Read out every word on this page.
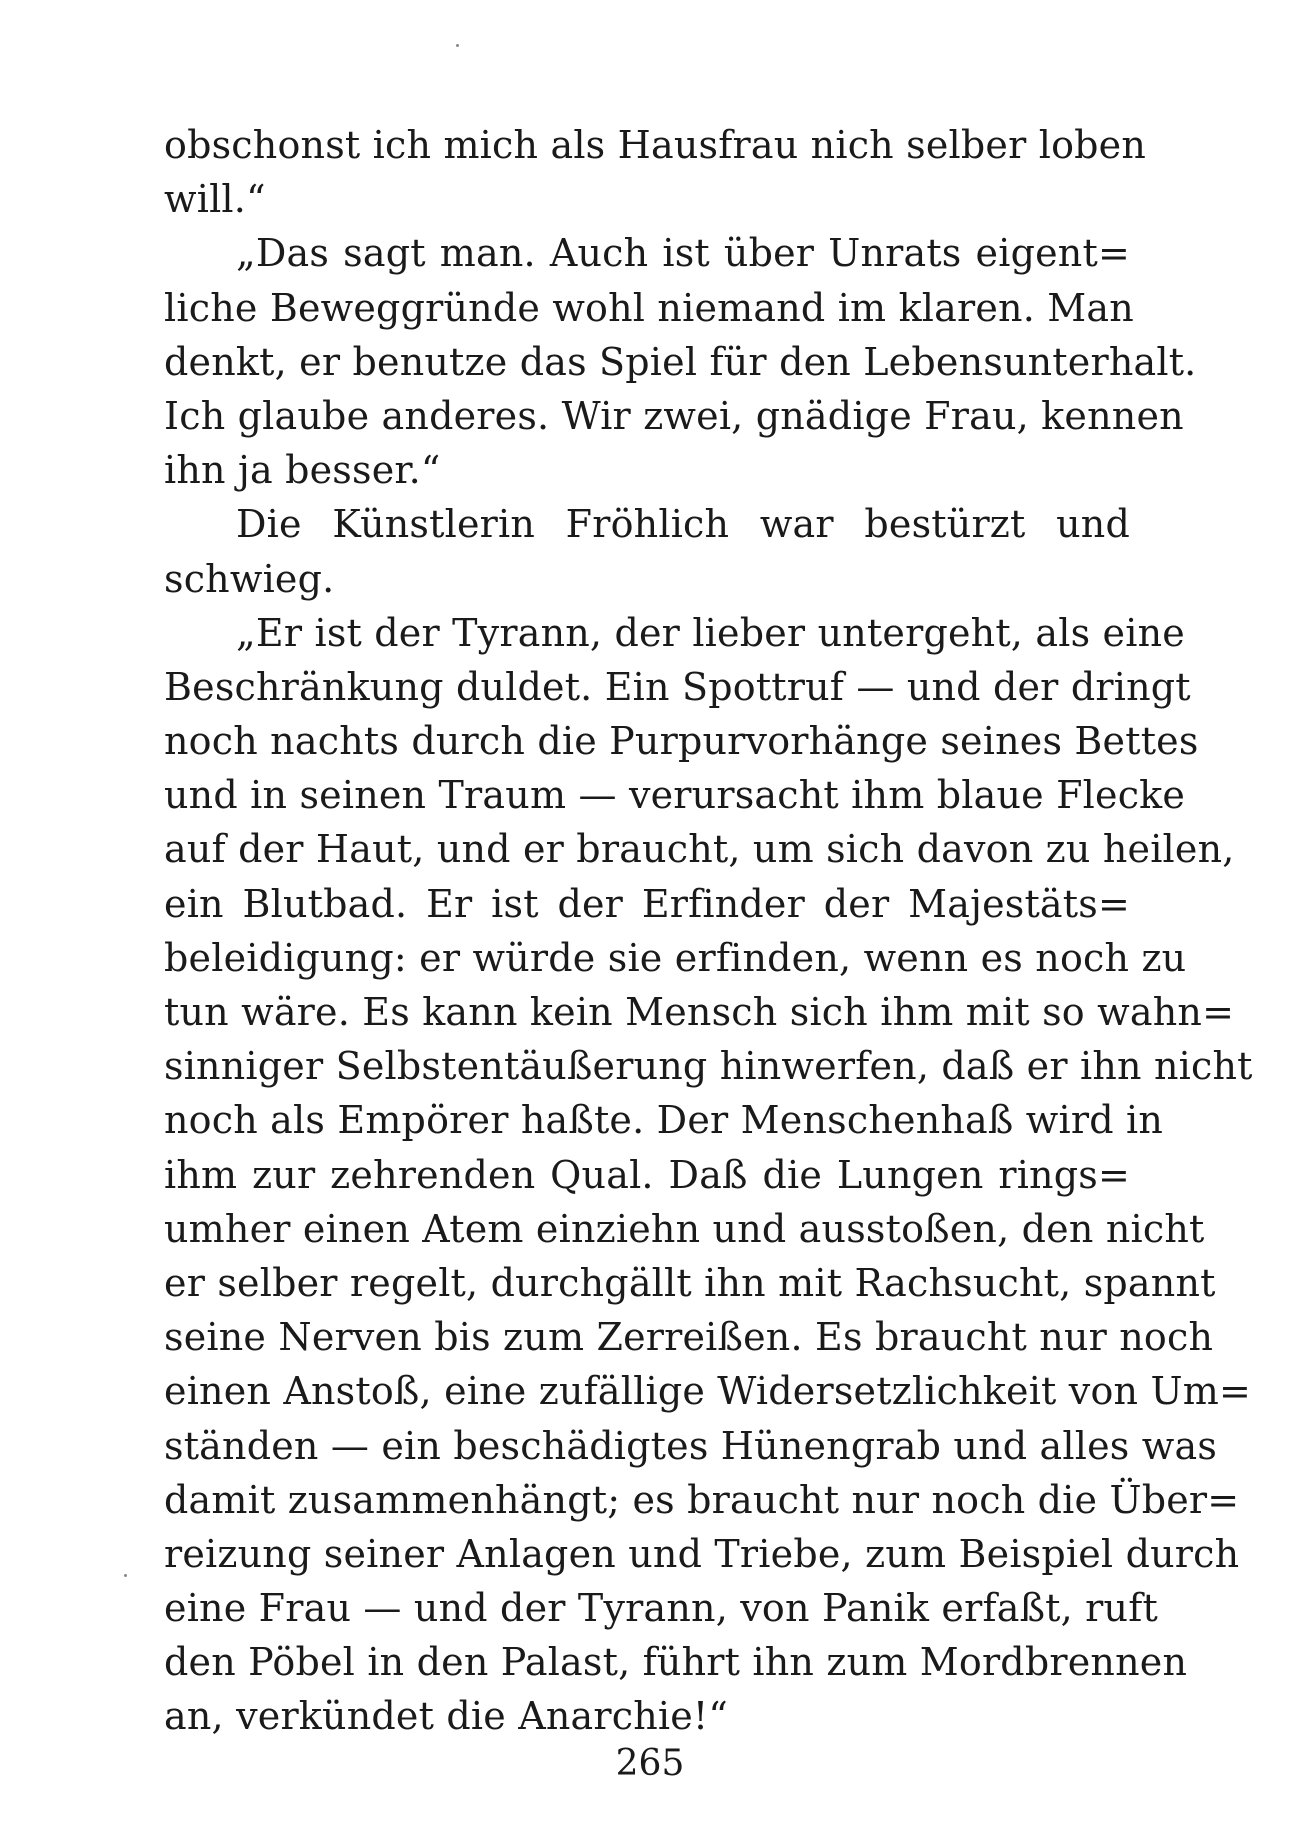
obschonst ich mich als Hausfrau nich selber loben
will.“
„Das sagt man. Auch ist über Unrats eigent=
liche Beweggründe wohl niemand im klaren. Man
denkt, er benutze das Spiel für den Lebensunterhalt.
Ich glaube anderes. Wir zwei, gnädige Frau, kennen
ihn ja besser.“
Die Künstlerin Fröhlich war bestürzt und
schwieg.
„Er ist der Tyrann, der lieber untergeht, als eine
Beschränkung duldet. Ein Spottruf — und der dringt
noch nachts durch die Purpurvorhänge seines Bettes
und in seinen Traum — verursacht ihm blaue Flecke
auf der Haut, und er braucht, um sich davon zu heilen,
ein Blutbad. Er ist der Erfinder der Majestäts=
beleidigung: er würde sie erfinden, wenn es noch zu
tun wäre. Es kann kein Mensch sich ihm mit so wahn=
sinniger Selbstentäußerung hinwerfen, daß er ihn nicht
noch als Empörer haßte. Der Menschenhaß wird in
ihm zur zehrenden Qual. Daß die Lungen rings=
umher einen Atem einziehn und ausstoßen, den nicht
er selber regelt, durchgällt ihn mit Rachsucht, spannt
seine Nerven bis zum Zerreißen. Es braucht nur noch
einen Anstoß, eine zufällige Widersetzlichkeit von Um=
ständen — ein beschädigtes Hünengrab und alles was
damit zusammenhängt; es braucht nur noch die Über=
reizung seiner Anlagen und Triebe, zum Beispiel durch
eine Frau — und der Tyrann, von Panik erfaßt, ruft
den Pöbel in den Palast, führt ihn zum Mordbrennen
an, verkündet die Anarchie!“
265
